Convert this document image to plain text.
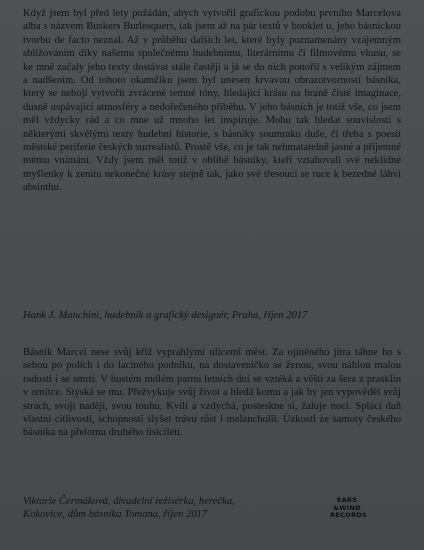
Když jsem byl před lety požádán, abych vytvořil grafickou podobu prvního Marcelova alba s názvem Buskers Burlesquers, tak jsem až na pár textů v booklet u, jeho básnickou tvorbu de facto neznal. Až v průběhu dalších let, které byly poznamenány vzájemným sbližováním díky našemu společnému hudebnímu, literárnímu či filmovému vkusu, se ke mně začaly jeho texty dostávat stále častěji a já se do nich ponořil s velikým zájmem a nadšením. Od tohoto okamžiku jsem byl unesen krvavou obrazotvorností básníka, který se nebojí vytvořit zvrácené temné tóny, hledající krásu na hraně čisté imaginace, dusně uspávající atmosféry a nedořečeného příběhu. V jeho básních je totiž vše, co jsem měl vždycky rád a co mne už mnoho let inspiruje. Mohu tak hledat souvislosti s některými skvělými texty hudební historie, s básníky soumraku duše, či třeba s poesií městské periferie českých surrealistů. Prostě vše, co je tak nehmatatelně jasné a příjemné mému vnímání. Vždy jsem měl totiž v oblibě básníky, kteří vztahovali své neklidné myšlenky k zenitu nekonečné krásy stejně tak, jako své třesoucí se ruce k bezedné láhvi absinthu.

Hank J. Manchini, hudebník a grafický designér, Praha, říjen 2017

Básník Marcel nese svůj kříž vyprahlými ulicemi měst. Za ojíněného jitra táhne ho s sebou po polích i do laciného podniku, na dostaveníčko se ženou, svou náhlou malou radostí i se smrtí. V hustém mdlém parnu letních dní se vztéká a věští za šera z prasklin v omítce. Stýská se mu. Přežvykuje svůj život a hledá komu a jak by jen vypověděl svůj strach, svoji naději, svou touhu. Kvílí a vzdychá, posteskne si, žaluje noci. Splácí daň vlastní citlivosti, schopnosti slyšet trávu růst i melancholii. Úzkosti ze samoty českého básníka na přelomu druhého tisíciletí.

Viktorie Čermáková, divadelní režisérka, herečka,
Kokovice, dům básníka Tomana, říjen 2017
EARS
&WIND
RECORDS
